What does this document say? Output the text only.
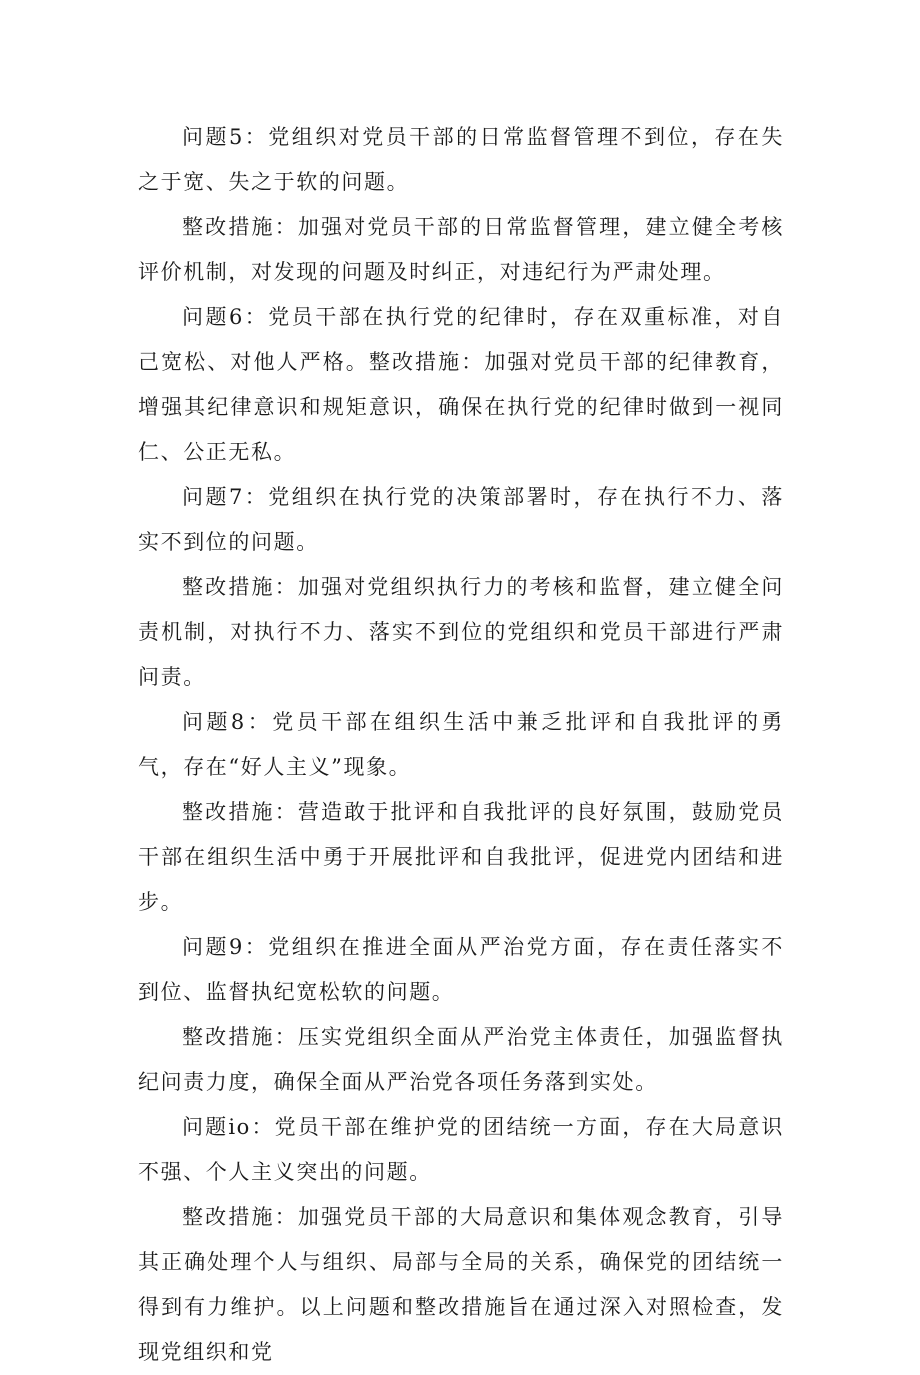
问题5：党组织对党员干部的日常监督管理不到位，存在失之于宽、失之于软的问题。

整改措施：加强对党员干部的日常监督管理，建立健全考核评价机制，对发现的问题及时纠正，对违纪行为严肃处理。

问题6：党员干部在执行党的纪律时，存在双重标准，对自己宽松、对他人严格。整改措施：加强对党员干部的纪律教育，增强其纪律意识和规矩意识，确保在执行党的纪律时做到一视同仁、公正无私。

问题7：党组织在执行党的决策部署时，存在执行不力、落实不到位的问题。

整改措施：加强对党组织执行力的考核和监督，建立健全问责机制，对执行不力、落实不到位的党组织和党员干部进行严肃问责。

问题8：党员干部在组织生活中兼乏批评和自我批评的勇气，存在“好人主义”现象。

整改措施：营造敢于批评和自我批评的良好氛围，鼓励党员干部在组织生活中勇于开展批评和自我批评，促进党内团结和进步。

问题9：党组织在推进全面从严治党方面，存在责任落实不到位、监督执纪宽松软的问题。

整改措施：压实党组织全面从严治党主体责任，加强监督执纪问责力度，确保全面从严治党各项任务落到实处。

问题io：党员干部在维护党的团结统一方面，存在大局意识不强、个人主义突出的问题。

整改措施：加强党员干部的大局意识和集体观念教育，引导其正确处理个人与组织、局部与全局的关系，确保党的团结统一得到有力维护。以上问题和整改措施旨在通过深入对照检查，发现党组织和党
